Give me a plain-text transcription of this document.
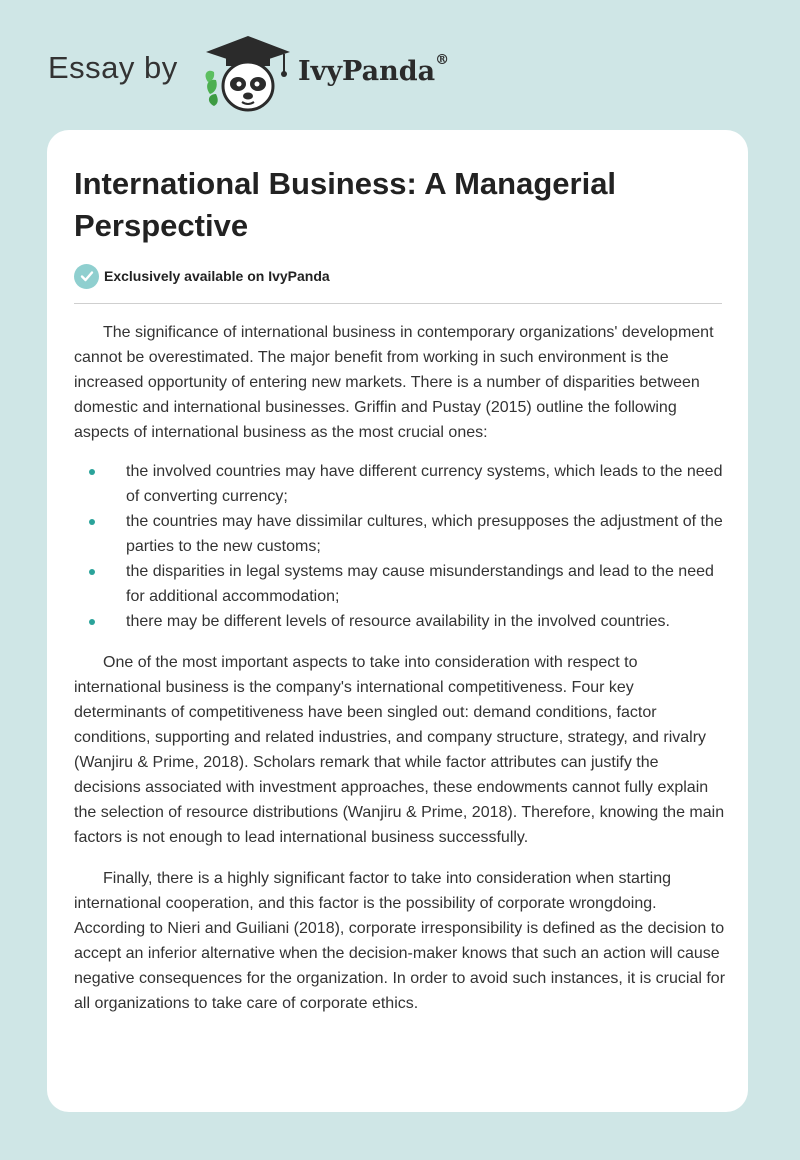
Essay by	IvyPanda®
International Business: A Managerial Perspective
Exclusively available on IvyPanda

The significance of international business in contemporary organizations' development cannot be overestimated. The major benefit from working in such environment is the increased opportunity of entering new markets. There is a number of disparities between domestic and international businesses. Griffin and Pustay (2015) outline the following aspects of international business as the most crucial ones:

the involved countries may have different currency systems, which leads to the need of converting currency;
the countries may have dissimilar cultures, which presupposes the adjustment of the parties to the new customs;
the disparities in legal systems may cause misunderstandings and lead to the need for additional accommodation;
there may be different levels of resource availability in the involved countries.

One of the most important aspects to take into consideration with respect to international business is the company's international competitiveness. Four key determinants of competitiveness have been singled out: demand conditions, factor conditions, supporting and related industries, and company structure, strategy, and rivalry (Wanjiru & Prime, 2018). Scholars remark that while factor attributes can justify the decisions associated with investment approaches, these endowments cannot fully explain the selection of resource distributions (Wanjiru & Prime, 2018). Therefore, knowing the main factors is not enough to lead international business successfully.

Finally, there is a highly significant factor to take into consideration when starting international cooperation, and this factor is the possibility of corporate wrongdoing. According to Nieri and Guiliani (2018), corporate irresponsibility is defined as the decision to accept an inferior alternative when the decision-maker knows that such an action will cause negative consequences for the organization. In order to avoid such instances, it is crucial for all organizations to take care of corporate ethics.
